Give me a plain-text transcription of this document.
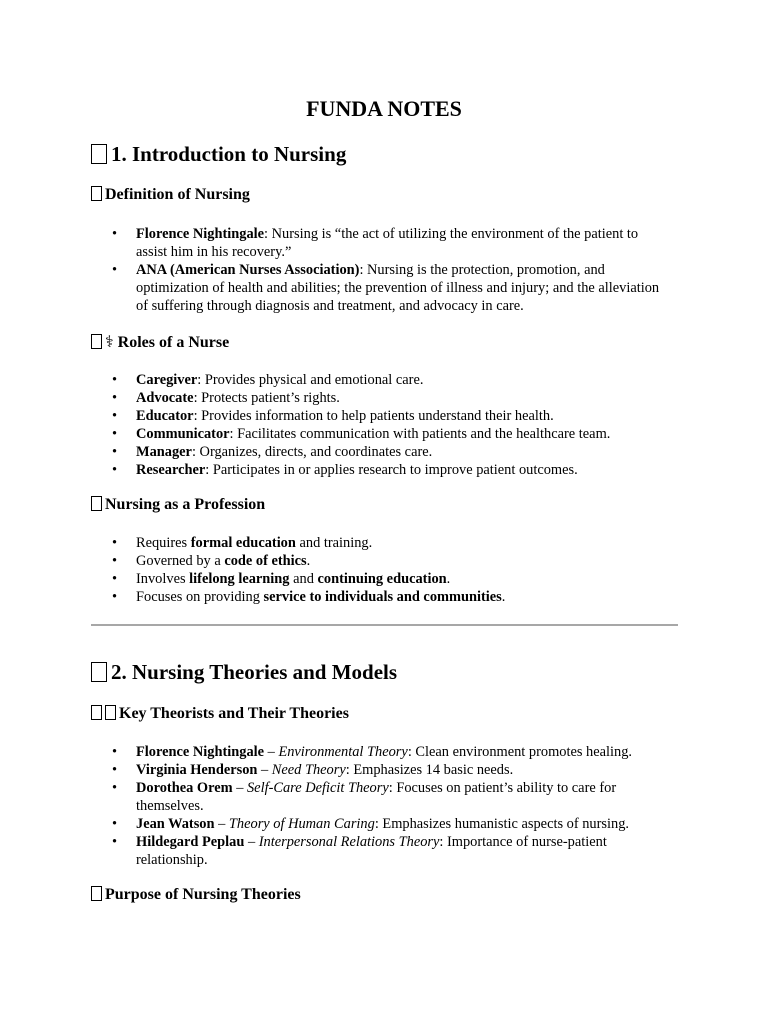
FUNDA NOTES
1. Introduction to Nursing
Definition of Nursing
• Florence Nightingale: Nursing is “the act of utilizing the environment of the patient to assist him in his recovery.”
• ANA (American Nurses Association): Nursing is the protection, promotion, and optimization of health and abilities; the prevention of illness and injury; and the alleviation of suffering through diagnosis and treatment, and advocacy in care.
⚕ Roles of a Nurse
• Caregiver: Provides physical and emotional care.
• Advocate: Protects patient’s rights.
• Educator: Provides information to help patients understand their health.
• Communicator: Facilitates communication with patients and the healthcare team.
• Manager: Organizes, directs, and coordinates care.
• Researcher: Participates in or applies research to improve patient outcomes.
Nursing as a Profession
• Requires formal education and training.
• Governed by a code of ethics.
• Involves lifelong learning and continuing education.
• Focuses on providing service to individuals and communities.
2. Nursing Theories and Models
Key Theorists and Their Theories
• Florence Nightingale – Environmental Theory: Clean environment promotes healing.
• Virginia Henderson – Need Theory: Emphasizes 14 basic needs.
• Dorothea Orem – Self-Care Deficit Theory: Focuses on patient’s ability to care for themselves.
• Jean Watson – Theory of Human Caring: Emphasizes humanistic aspects of nursing.
• Hildegard Peplau – Interpersonal Relations Theory: Importance of nurse-patient relationship.
Purpose of Nursing Theories
